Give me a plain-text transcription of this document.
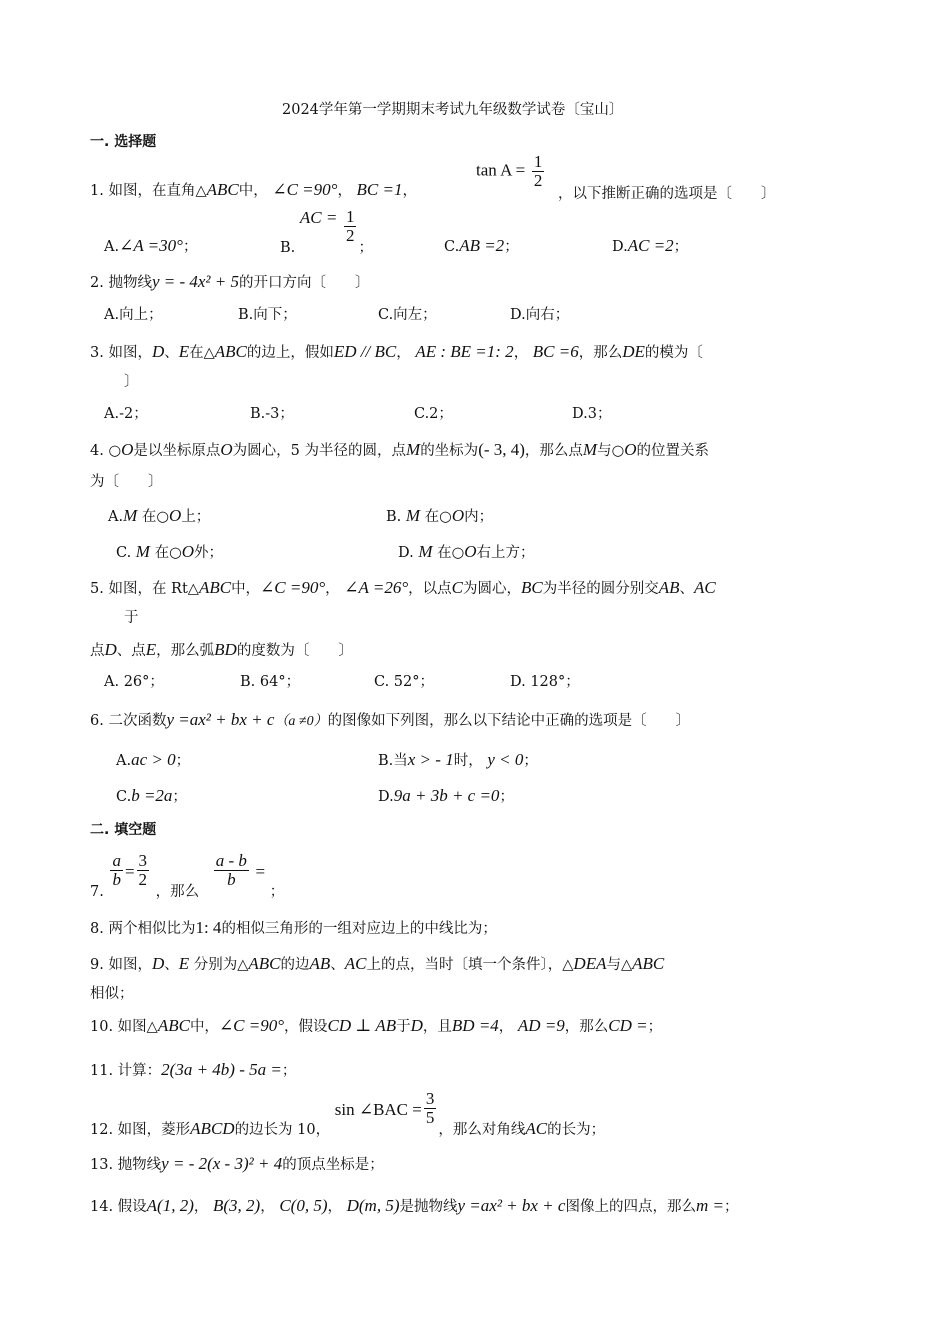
2024学年第一学期期末考试九年级数学试卷〔宝山〕
一. 选择题
1. 如图，在直角△ABC中， ∠C =90°， BC =1，
$\tan A = \frac{1}{2}$
，以下推断正确的选项是〔　　〕
A.∠A =30°；	B. AC = $\frac{1}{2}$
；	C.AB =2；	D.AC =2；
2. 抛物线y = - 4x² + 5的开口方向〔　　〕
A.向上；	B.向下；	C.向左；	D.向右；
3. 如图，D、E在△ABC的边上，假如ED // BC， AE : BE =1: 2， BC =6，那么DE的模为〔
〕
A.-2；	B.-3；	C.2；	D.3；
4. ○O是以坐标原点O为圆心，5 为半径的圆，点M的坐标为(- 3, 4)，那么点M与○O的位置关系
为〔　　〕
A.M 在○O上；	B. M 在○O内；
C. M 在○O外；	D. M 在○O右上方；
5. 如图，在 Rt△ABC中，∠C =90°， ∠A =26°，以点C为圆心，BC为半径的圆分别交AB、AC
于
点D、点E，那么弧BD的度数为〔　　〕
A. 26°；	B. 64°；	C. 52°；	D. 128°；
6. 二次函数y =ax² + bx + c（a ≠0）的图像如下列图，那么以下结论中正确的选项是〔　　〕
A.ac > 0；	B.当x > - 1时， y < 0；
C.b =2a；	D.9a + 3b + c =0；
二. 填空题
7.
$\frac{a}{b} = \frac{3}{2}$
，那么
$\frac{a - b}{b}$ = ；
8. 两个相似比为1: 4的相似三角形的一组对应边上的中线比为；
9. 如图，D、E 分别为△ABC的边AB、AC上的点，当时〔填一个条件〕，△DEA与△ABC
相似；
10. 如图△ABC中，∠C =90°，假设CD ⊥ AB于D，且BD =4， AD =9，那么CD =；
11. 计算：2(3a + 4b) - 5a =；
12. 如图，菱形ABCD的边长为 10， sin ∠BAC = $\frac{3}{5}$
，那么对角线AC的长为；
13. 抛物线y = - 2(x - 3)² + 4的顶点坐标是；
14. 假设A(1, 2)， B(3, 2)， C(0, 5)， D(m, 5)是抛物线y =ax² + bx + c图像上的四点，那么m =；
